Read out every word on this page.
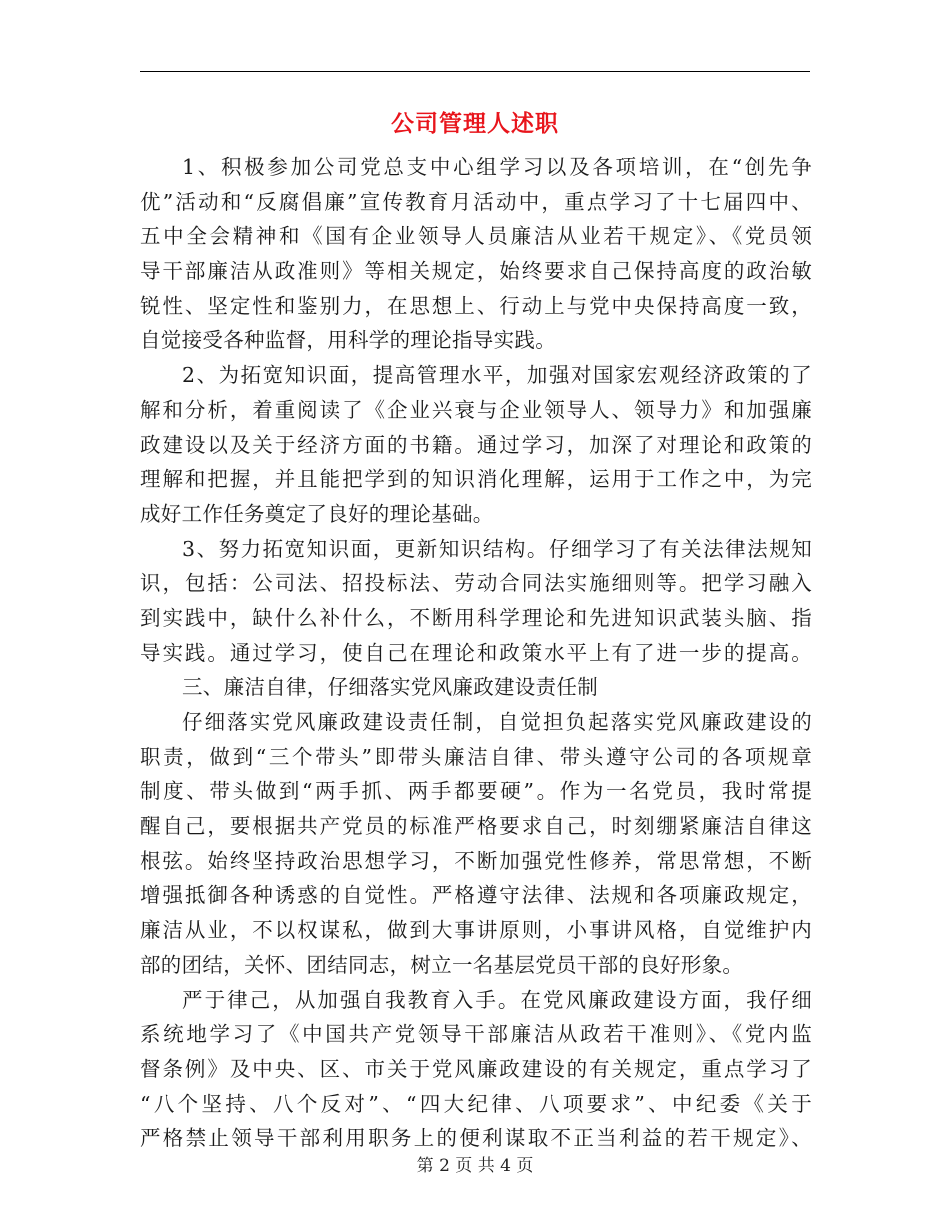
公司管理人述职
1、积极参加公司党总支中心组学习以及各项培训，在“创先争
优”活动和“反腐倡廉”宣传教育月活动中，重点学习了十七届四中、
五中全会精神和《国有企业领导人员廉洁从业若干规定》、《党员领
导干部廉洁从政准则》等相关规定，始终要求自己保持高度的政治敏
锐性、坚定性和鉴别力，在思想上、行动上与党中央保持高度一致，
自觉接受各种监督，用科学的理论指导实践。
2、为拓宽知识面，提高管理水平，加强对国家宏观经济政策的了
解和分析，着重阅读了《企业兴衰与企业领导人、领导力》和加强廉
政建设以及关于经济方面的书籍。通过学习，加深了对理论和政策的
理解和把握，并且能把学到的知识消化理解，运用于工作之中，为完
成好工作任务奠定了良好的理论基础。
3、努力拓宽知识面，更新知识结构。仔细学习了有关法律法规知
识，包括：公司法、招投标法、劳动合同法实施细则等。把学习融入
到实践中，缺什么补什么，不断用科学理论和先进知识武装头脑、指
导实践。通过学习，使自己在理论和政策水平上有了进一步的提高。
三、廉洁自律，仔细落实党风廉政建设责任制
仔细落实党风廉政建设责任制，自觉担负起落实党风廉政建设的
职责，做到“三个带头”即带头廉洁自律、带头遵守公司的各项规章
制度、带头做到“两手抓、两手都要硬”。作为一名党员，我时常提
醒自己，要根据共产党员的标准严格要求自己，时刻绷紧廉洁自律这
根弦。始终坚持政治思想学习，不断加强党性修养，常思常想，不断
增强抵御各种诱惑的自觉性。严格遵守法律、法规和各项廉政规定，
廉洁从业，不以权谋私，做到大事讲原则，小事讲风格，自觉维护内
部的团结，关怀、团结同志，树立一名基层党员干部的良好形象。
严于律己，从加强自我教育入手。在党风廉政建设方面，我仔细
系统地学习了《中国共产党领导干部廉洁从政若干准则》、《党内监
督条例》及中央、区、市关于党风廉政建设的有关规定，重点学习了
“八个坚持、八个反对”、“四大纪律、八项要求”、中纪委《关于
严格禁止领导干部利用职务上的便利谋取不正当利益的若干规定》、
第 2 页 共 4 页
